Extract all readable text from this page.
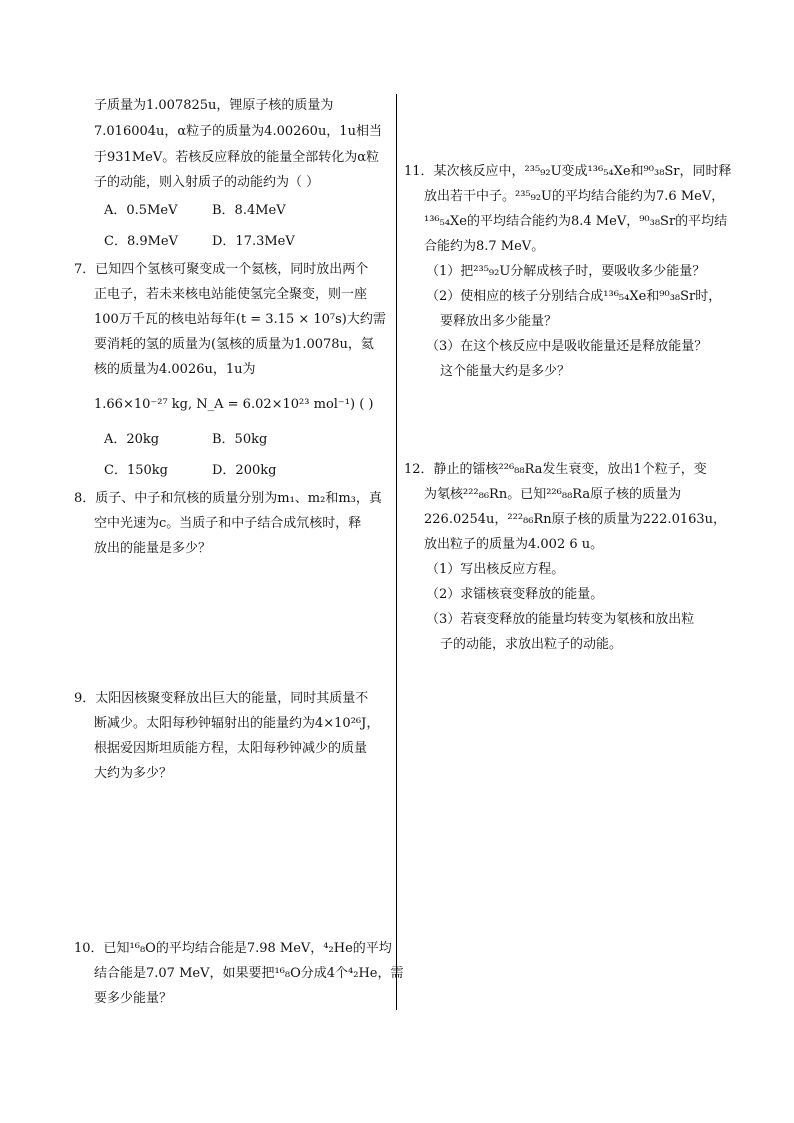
子质量为1.007825u，锂原子核的质量为
7.016004u，α粒子的质量为4.00260u，1u相当
于931MeV。若核反应释放的能量全部转化为α粒
子的动能，则入射质子的动能约为（ ）
A．0.5MeV	B．8.4MeV
C．8.9MeV	D．17.3MeV
7．已知四个氢核可聚变成一个氦核，同时放出两个
正电子，若未来核电站能使氢完全聚变，则一座
100万千瓦的核电站每年(t = 3.15 × 10⁷s)大约需
要消耗的氢的质量为(氢核的质量为1.0078u，氦
核的质量为4.0026u，1u为
1.66×10⁻²⁷ kg, N_A = 6.02×10²³ mol⁻¹) ( )
A．20kg	B．50kg
C．150kg	D．200kg
8．质子、中子和氘核的质量分别为m₁、m₂和m₃，真
空中光速为c。当质子和中子结合成氘核时，释
放出的能量是多少？
9．太阳因核聚变释放出巨大的能量，同时其质量不
断减少。太阳每秒钟辐射出的能量约为4×10²⁶J，
根据爱因斯坦质能方程，太阳每秒钟减少的质量
大约为多少？
10．已知¹⁶₈O的平均结合能是7.98 MeV，⁴₂He的平均
结合能是7.07 MeV，如果要把¹⁶₈O分成4个⁴₂He，需
要多少能量？
11．某次核反应中，²³⁵₉₂U变成¹³⁶₅₄Xe和⁹⁰₃₈Sr，同时释
放出若干中子。²³⁵₉₂U的平均结合能约为7.6 MeV，
¹³⁶₅₄Xe的平均结合能约为8.4 MeV，⁹⁰₃₈Sr的平均结
合能约为8.7 MeV。
（1）把²³⁵₉₂U分解成核子时，要吸收多少能量？
（2）使相应的核子分别结合成¹³⁶₅₄Xe和⁹⁰₃₈Sr时，
要释放出多少能量？
（3）在这个核反应中是吸收能量还是释放能量？
这个能量大约是多少？
12．静止的镭核²²⁶₈₈Ra发生衰变，放出1个粒子，变
为氡核²²²₈₆Rn。已知²²⁶₈₈Ra原子核的质量为
226.0254u，²²²₈₆Rn原子核的质量为222.0163u，
放出粒子的质量为4.002 6 u。
（1）写出核反应方程。
（2）求镭核衰变释放的能量。
（3）若衰变释放的能量均转变为氡核和放出粒
子的动能，求放出粒子的动能。
